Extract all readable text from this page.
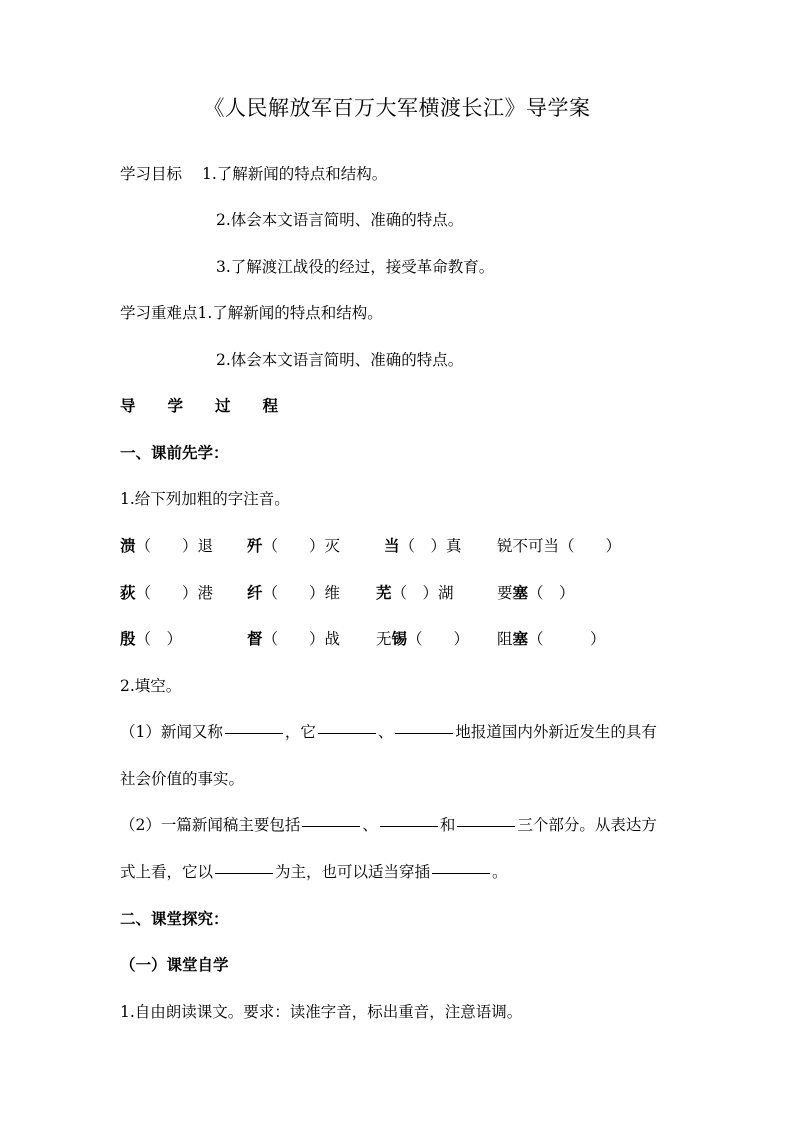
《人民解放军百万大军横渡长江》导学案
学习目标 1.了解新闻的特点和结构。
2.体会本文语言简明、准确的特点。
3.了解渡江战役的经过，接受革命教育。
学习重难点1.了解新闻的特点和结构。
2.体会本文语言简明、准确的特点。
导 学 过 程
一、课前先学：
1.给下列加粗的字注音。
溃（　　）退 歼（　　）灭	当（　）真 锐不可当（　　）
荻（　　）港 纤（　　）维 芜（　）湖	要塞（　）
殷（　）	督（　　）战 无锡（　　） 阻塞（　　　）
2.填空。
（1）新闻又称	，它	、	地报道国内外新近发生的具有
社会价值的事实。
（2）一篇新闻稿主要包括	、	和	三个部分。从表达方
式上看，它以	为主，也可以适当穿插	。
二、课堂探究：
（一）课堂自学
1.自由朗读课文。要求：读准字音，标出重音，注意语调。
